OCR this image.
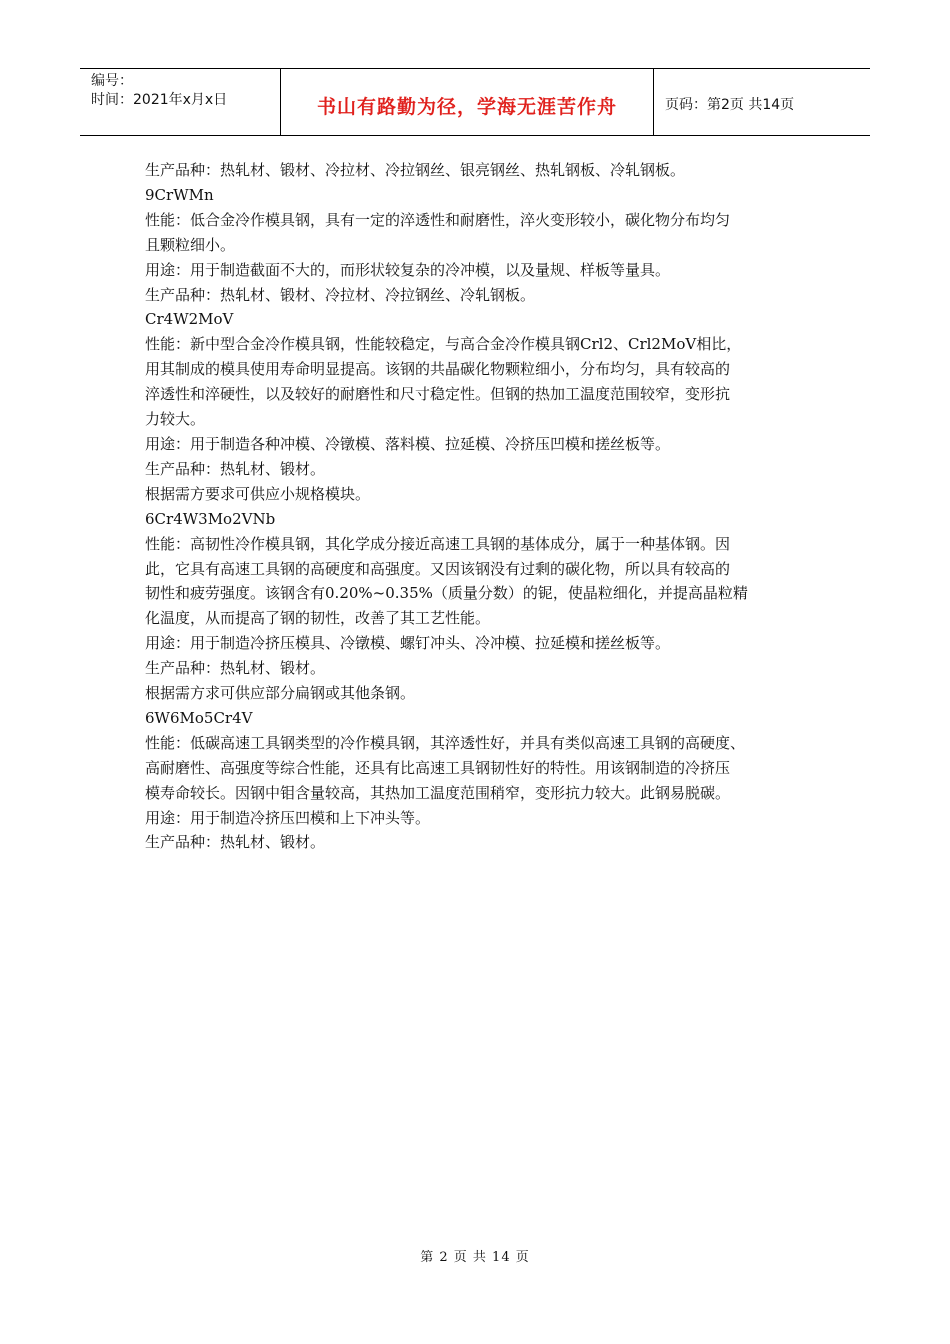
编号：
时间：2021年x月x日	书山有路勤为径，学海无涯苦作舟	页码：第2页 共14页

生产品种：热轧材、锻材、冷拉材、冷拉钢丝、银亮钢丝、热轧钢板、冷轧钢板。

9CrWMn

性能：低合金冷作模具钢，具有一定的淬透性和耐磨性，淬火变形较小，碳化物分布均匀

且颗粒细小。

用途：用于制造截面不大的，而形状较复杂的冷冲模，以及量规、样板等量具。

生产品种：热轧材、锻材、冷拉材、冷拉钢丝、冷轧钢板。

Cr4W2MoV

性能：新中型合金冷作模具钢，性能较稳定，与高合金冷作模具钢Crl2、Crl2MoV相比，

用其制成的模具使用寿命明显提高。该钢的共晶碳化物颗粒细小，分布均匀，具有较高的

淬透性和淬硬性，以及较好的耐磨性和尺寸稳定性。但钢的热加工温度范围较窄，变形抗

力较大。

用途：用于制造各种冲模、冷镦模、落料模、拉延模、冷挤压凹模和搓丝板等。

生产品种：热轧材、锻材。

根据需方要求可供应小规格模块。

6Cr4W3Mo2VNb

性能：高韧性冷作模具钢，其化学成分接近高速工具钢的基体成分，属于一种基体钢。因

此，它具有高速工具钢的高硬度和高强度。又因该钢没有过剩的碳化物，所以具有较高的

韧性和疲劳强度。该钢含有0.20%~0.35%（质量分数）的铌，使晶粒细化，并提高晶粒精

化温度，从而提高了钢的韧性，改善了其工艺性能。

用途：用于制造冷挤压模具、冷镦模、螺钉冲头、冷冲模、拉延模和搓丝板等。

生产品种：热轧材、锻材。

根据需方求可供应部分扁钢或其他条钢。

6W6Mo5Cr4V

性能：低碳高速工具钢类型的冷作模具钢，其淬透性好，并具有类似高速工具钢的高硬度、

高耐磨性、高强度等综合性能，还具有比高速工具钢韧性好的特性。用该钢制造的冷挤压

模寿命较长。因钢中钼含量较高，其热加工温度范围稍窄，变形抗力较大。此钢易脱碳。

用途：用于制造冷挤压凹模和上下冲头等。

生产品种：热轧材、锻材。

第 2 页 共 14 页
